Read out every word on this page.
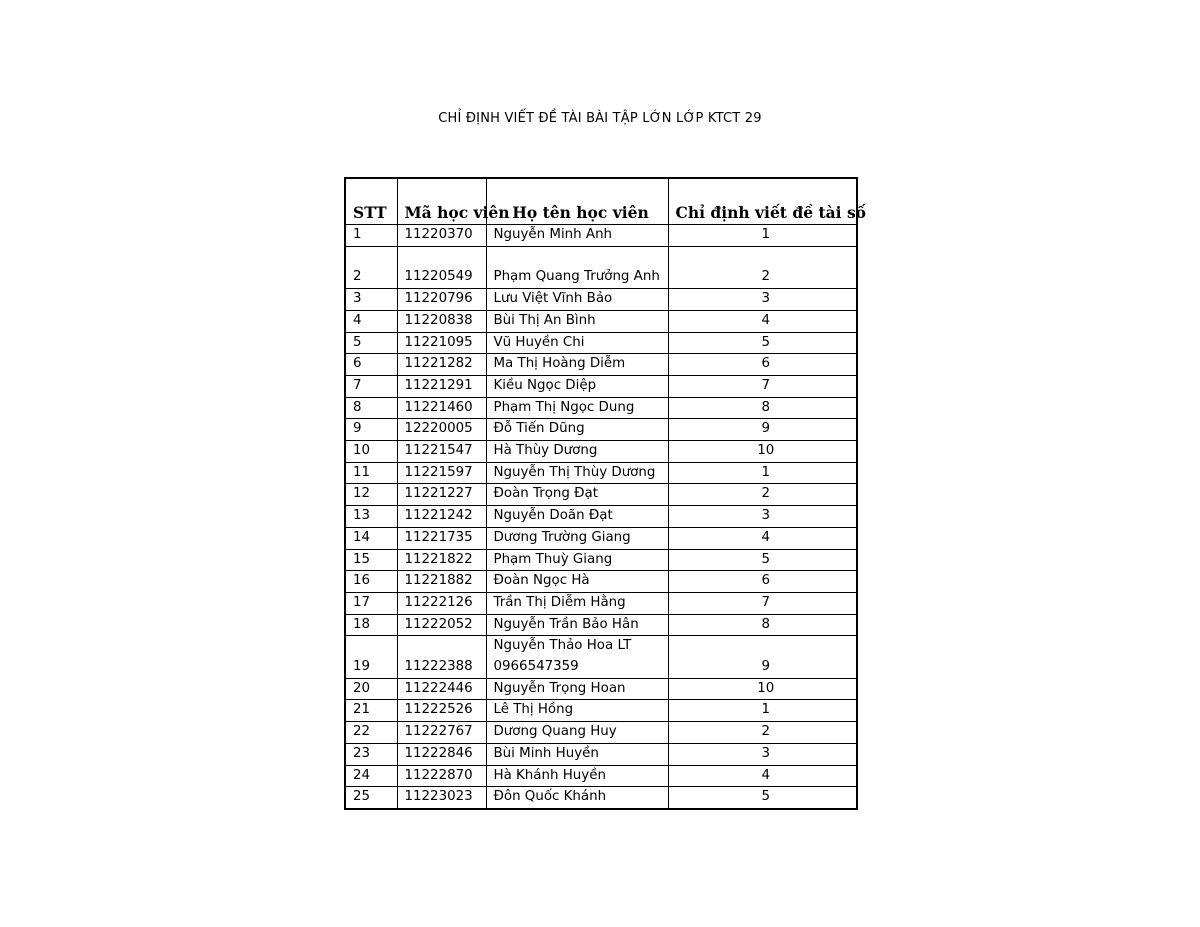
CHỈ ĐỊNH VIẾT ĐỀ TÀI BÀI TẬP LỚN LỚP KTCT 29
STT	Mã học viên	Họ tên học viên	Chỉ định viết đề tài số
1	11220370	Nguyễn Minh Anh	1
2	11220549	Phạm Quang Trưởng Anh	2
3	11220796	Lưu Việt Vĩnh Bảo	3
4	11220838	Bùi Thị An Bình	4
5	11221095	Vũ Huyền Chi	5
6	11221282	Ma Thị Hoàng Diễm	6
7	11221291	Kiều Ngọc Diệp	7
8	11221460	Phạm Thị Ngọc Dung	8
9	12220005	Đỗ Tiến Dũng	9
10	11221547	Hà Thùy Dương	10
11	11221597	Nguyễn Thị Thùy Dương	1
12	11221227	Đoàn Trọng Đạt	2
13	11221242	Nguyễn Doãn Đạt	3
14	11221735	Dương Trường Giang	4
15	11221822	Phạm Thuỳ Giang	5
16	11221882	Đoàn Ngọc Hà	6
17	11222126	Trần Thị Diễm Hằng	7
18	11222052	Nguyễn Trần Bảo Hân	8
19	11222388	Nguyễn Thảo Hoa LT 0966547359	9
20	11222446	Nguyễn Trọng Hoan	10
21	11222526	Lê Thị Hồng	1
22	11222767	Dương Quang Huy	2
23	11222846	Bùi Minh Huyền	3
24	11222870	Hà Khánh Huyền	4
25	11223023	Đôn Quốc Khánh	5
